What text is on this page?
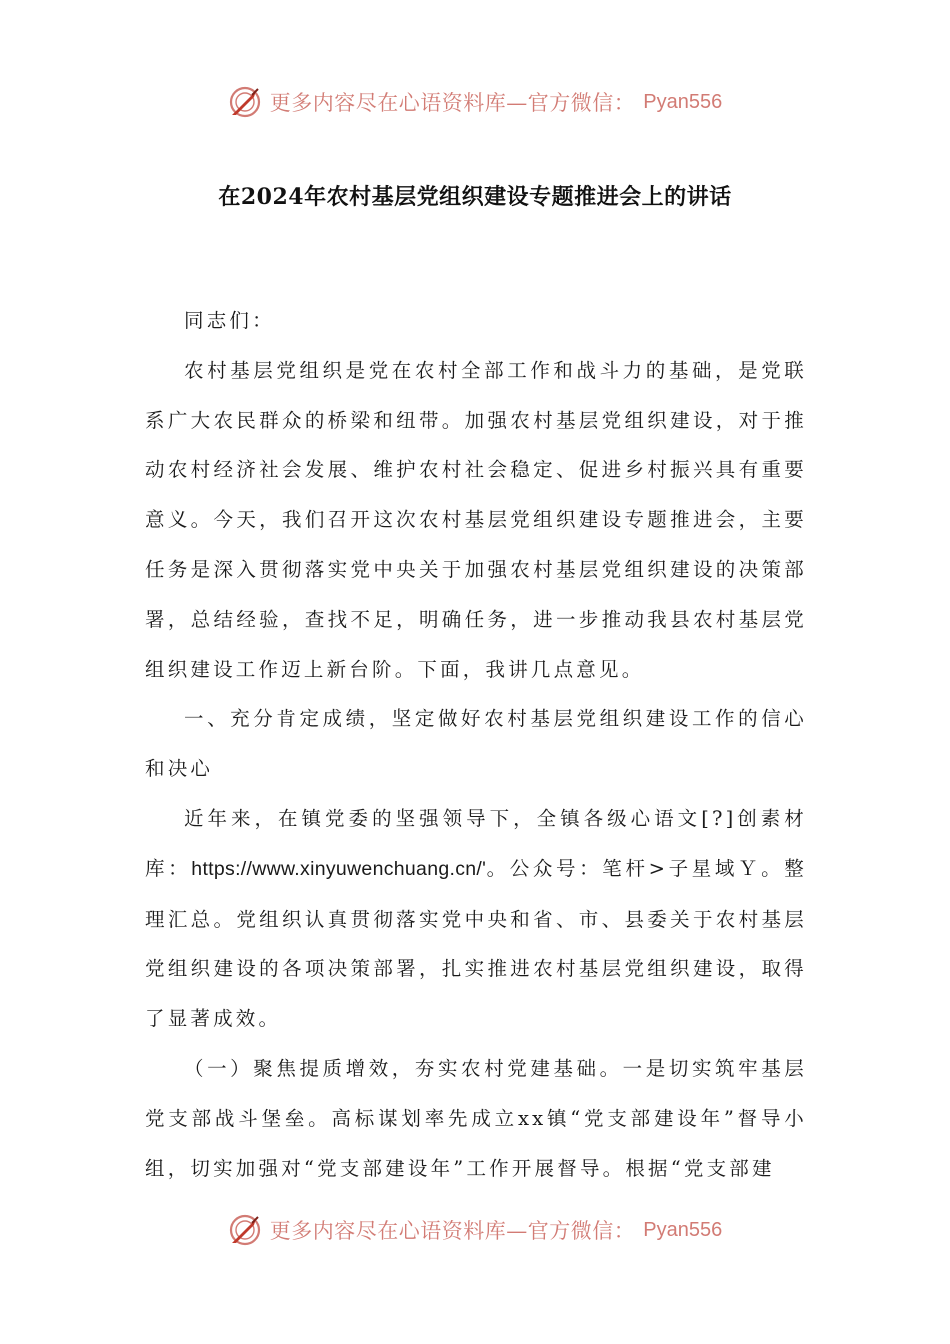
更多内容尽在心语资料库—官方微信： Pyan556
在2024年农村基层党组织建设专题推进会上的讲话

同志们：

农村基层党组织是党在农村全部工作和战斗力的基础，是党联系广大农民群众的桥梁和纽带。加强农村基层党组织建设，对于推动农村经济社会发展、维护农村社会稳定、促进乡村振兴具有重要意义。今天，我们召开这次农村基层党组织建设专题推进会，主要任务是深入贯彻落实党中央关于加强农村基层党组织建设的决策部署，总结经验，查找不足，明确任务，进一步推动我县农村基层党组织建设工作迈上新台阶。下面，我讲几点意见。

一、充分肯定成绩，坚定做好农村基层党组织建设工作的信心和决心

近年来，在镇党委的坚强领导下，全镇各级心语文[?]创素材库：https://www.xinyuwenchuang.cn/'。公众号：笔杆>子星域Ｙ。整理汇总。党组织认真贯彻落实党中央和省、市、县委关于农村基层党组织建设的各项决策部署，扎实推进农村基层党组织建设，取得了显著成效。

（一）聚焦提质增效，夯实农村党建基础。一是切实筑牢基层党支部战斗堡垒。高标谋划率先成立xx镇“党支部建设年”督导小组，切实加强对“党支部建设年”工作开展督导。根据“党支部建

更多内容尽在心语资料库—官方微信： Pyan556
